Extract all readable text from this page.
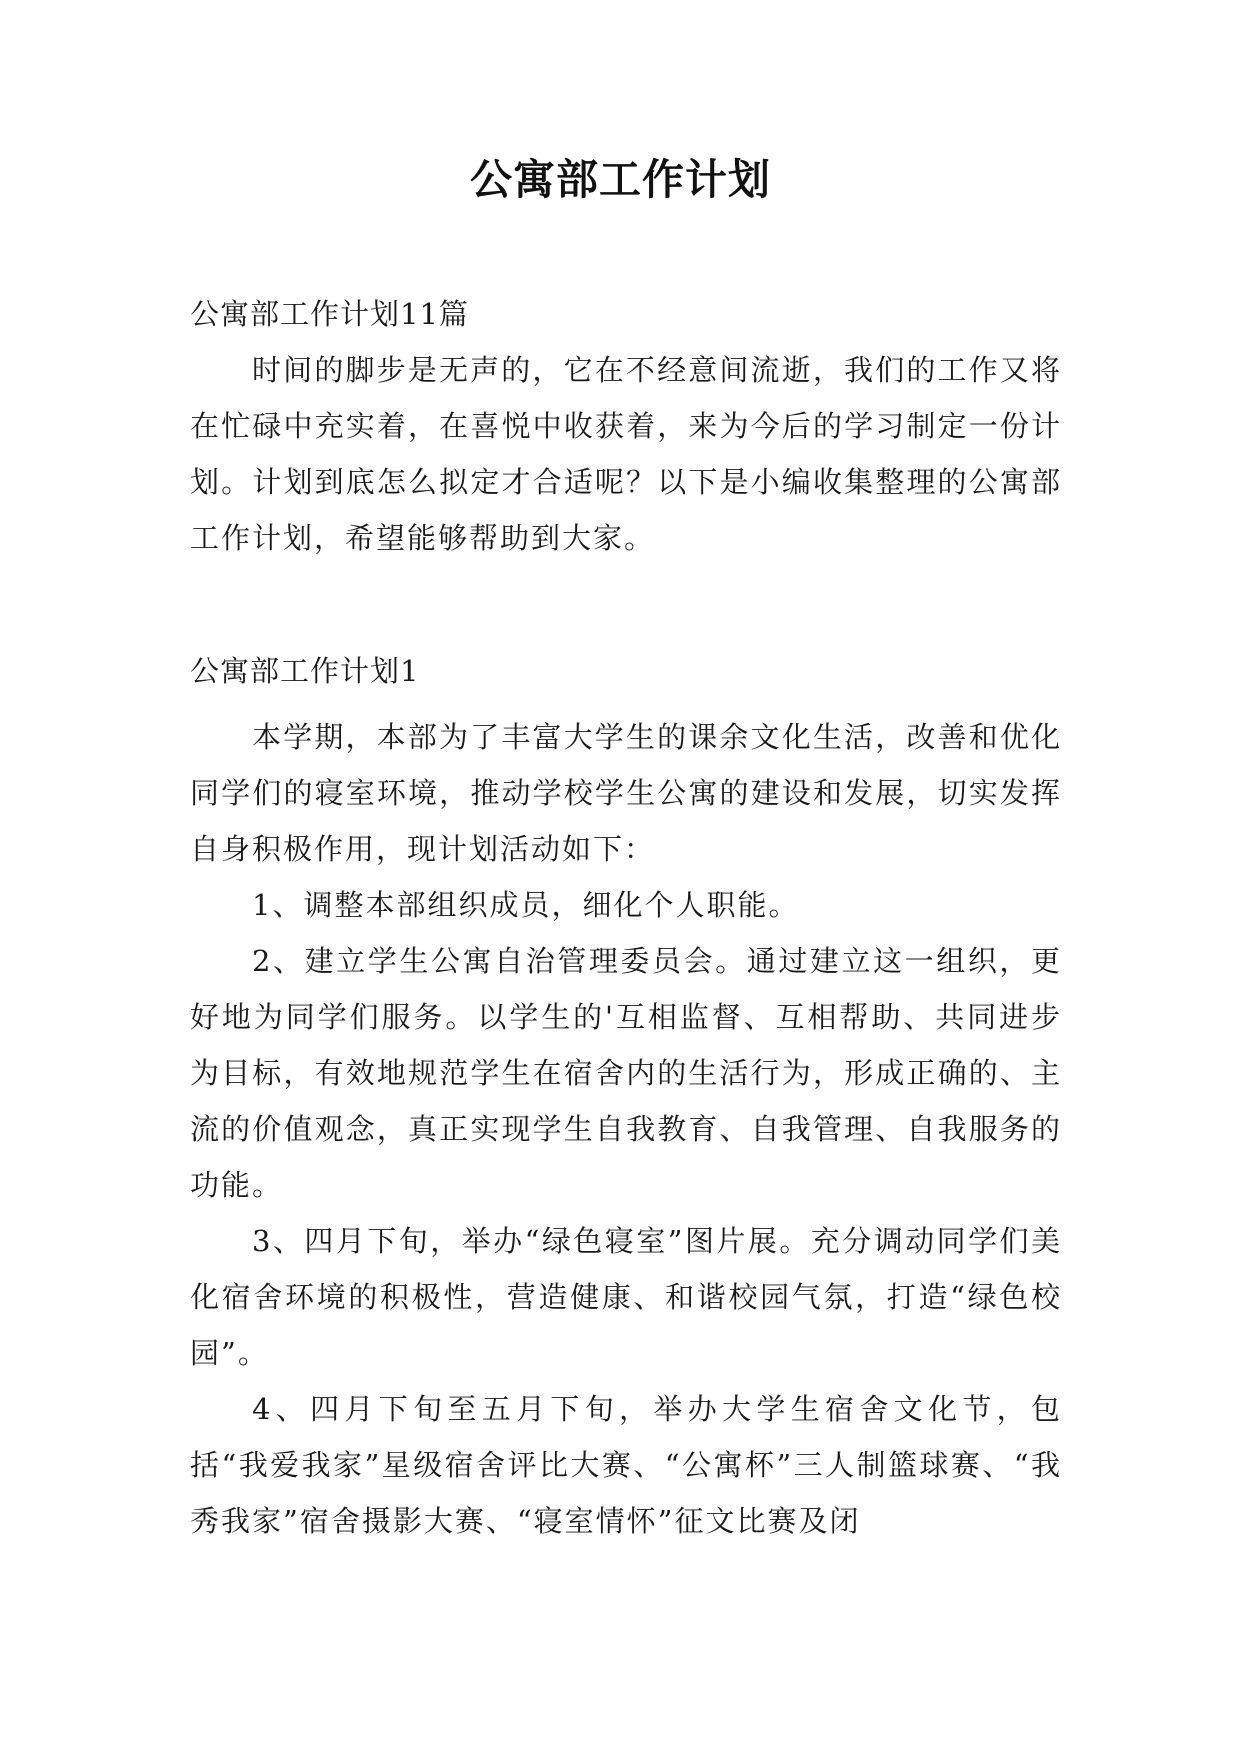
公寓部工作计划

公寓部工作计划11篇

时间的脚步是无声的，它在不经意间流逝，我们的工作又将在忙碌中充实着，在喜悦中收获着，来为今后的学习制定一份计划。计划到底怎么拟定才合适呢？以下是小编收集整理的公寓部工作计划，希望能够帮助到大家。

公寓部工作计划1

本学期，本部为了丰富大学生的课余文化生活，改善和优化同学们的寝室环境，推动学校学生公寓的建设和发展，切实发挥自身积极作用，现计划活动如下：

1、调整本部组织成员，细化个人职能。

2、建立学生公寓自治管理委员会。通过建立这一组织，更好地为同学们服务。以学生的'互相监督、互相帮助、共同进步为目标，有效地规范学生在宿舍内的生活行为，形成正确的、主流的价值观念，真正实现学生自我教育、自我管理、自我服务的功能。

3、四月下旬，举办“绿色寝室”图片展。充分调动同学们美化宿舍环境的积极性，营造健康、和谐校园气氛，打造“绿色校园”。

4、四月下旬至五月下旬，举办大学生宿舍文化节，包括“我爱我家”星级宿舍评比大赛、“公寓杯”三人制篮球赛、“我秀我家”宿舍摄影大赛、“寝室情怀”征文比赛及闭
